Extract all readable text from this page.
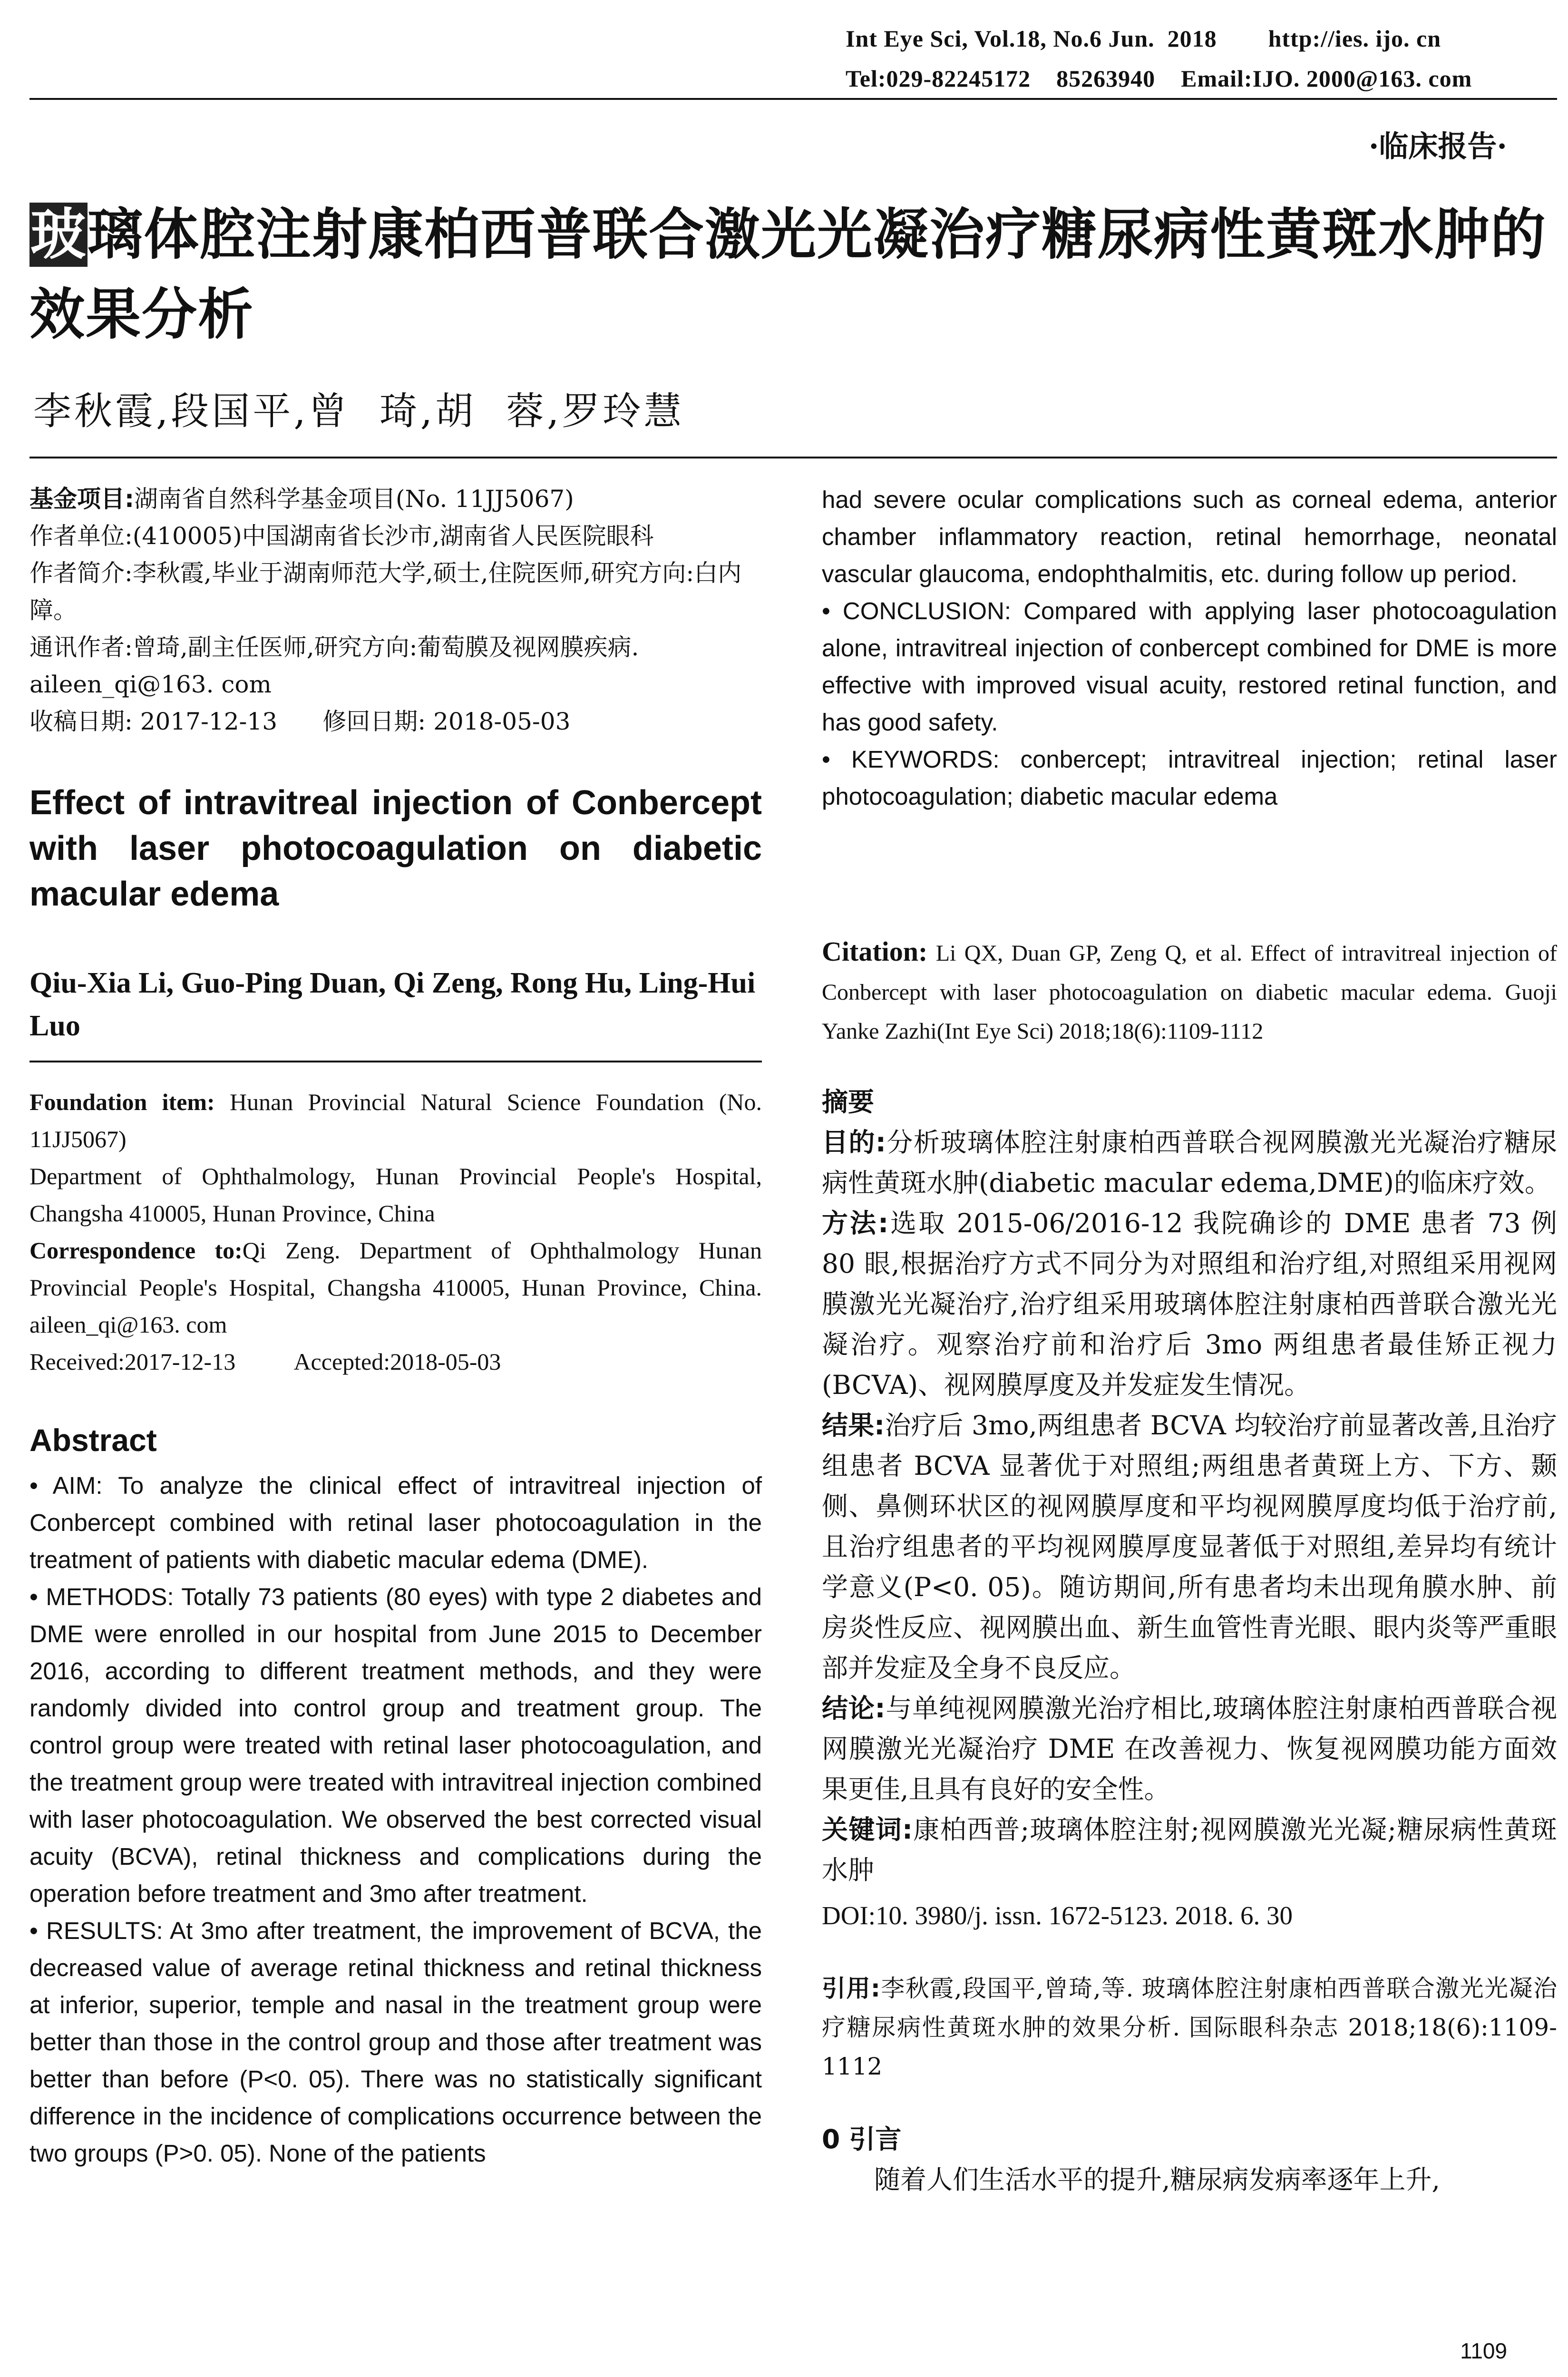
Int Eye Sci, Vol.18, No.6 Jun.  2018        http://ies. ijo. cn
Tel:029-82245172    85263940    Email:IJO. 2000@163. com
·临床报告·
玻璃体腔注射康柏西普联合激光光凝治疗糖尿病性黄斑水肿的效果分析
李秋霞,段国平,曾  琦,胡  蓉,罗玲慧
基金项目:湖南省自然科学基金项目(No. 11JJ5067)
作者单位:(410005)中国湖南省长沙市,湖南省人民医院眼科
作者简介:李秋霞,毕业于湖南师范大学,硕士,住院医师,研究方向:白内障。
通讯作者:曾琦,副主任医师,研究方向:葡萄膜及视网膜疾病. aileen_qi@163. com
收稿日期: 2017-12-13      修回日期: 2018-05-03
Effect of intravitreal injection of Conbercept with laser photocoagulation on diabetic macular edema
Qiu-Xia Li, Guo-Ping Duan, Qi Zeng, Rong Hu, Ling-Hui Luo
Foundation item: Hunan Provincial Natural Science Foundation (No. 11JJ5067)
Department of Ophthalmology, Hunan Provincial People's Hospital, Changsha 410005, Hunan Province, China
Correspondence to:Qi Zeng. Department of Ophthalmology Hunan Provincial People's Hospital, Changsha 410005, Hunan Province, China. aileen_qi@163. com
Received:2017-12-13          Accepted:2018-05-03
Abstract

• AIM: To analyze the clinical effect of intravitreal injection of Conbercept combined with retinal laser photocoagulation in the treatment of patients with diabetic macular edema (DME).

• METHODS: Totally 73 patients (80 eyes) with type 2 diabetes and DME were enrolled in our hospital from June 2015 to December 2016, according to different treatment methods, and they were randomly divided into control group and treatment group. The control group were treated with retinal laser photocoagulation, and the treatment group were treated with intravitreal injection combined with laser photocoagulation. We observed the best corrected visual acuity (BCVA), retinal thickness and complications during the operation before treatment and 3mo after treatment.

• RESULTS: At 3mo after treatment, the improvement of BCVA, the decreased value of average retinal thickness and retinal thickness at inferior, superior, temple and nasal in the treatment group were better than those in the control group and those after treatment was better than before (P<0. 05). There was no statistically significant difference in the incidence of complications occurrence between the two groups (P>0. 05). None of the patients

had severe ocular complications such as corneal edema, anterior chamber inflammatory reaction, retinal hemorrhage, neonatal vascular glaucoma, endophthalmitis, etc. during follow up period.

• CONCLUSION: Compared with applying laser photocoagulation alone, intravitreal injection of conbercept combined for DME is more effective with improved visual acuity, restored retinal function, and has good safety.

• KEYWORDS: conbercept; intravitreal injection; retinal laser photocoagulation; diabetic macular edema

Citation: Li QX, Duan GP, Zeng Q, et al. Effect of intravitreal injection of Conbercept with laser photocoagulation on diabetic macular edema. Guoji Yanke Zazhi(Int Eye Sci) 2018;18(6):1109-1112

摘要

目的:分析玻璃体腔注射康柏西普联合视网膜激光光凝治疗糖尿病性黄斑水肿(diabetic macular edema,DME)的临床疗效。

方法:选取 2015-06/2016-12 我院确诊的 DME 患者 73 例 80 眼,根据治疗方式不同分为对照组和治疗组,对照组采用视网膜激光光凝治疗,治疗组采用玻璃体腔注射康柏西普联合激光光凝治疗。观察治疗前和治疗后 3mo 两组患者最佳矫正视力(BCVA)、视网膜厚度及并发症发生情况。

结果:治疗后 3mo,两组患者 BCVA 均较治疗前显著改善,且治疗组患者 BCVA 显著优于对照组;两组患者黄斑上方、下方、颞侧、鼻侧环状区的视网膜厚度和平均视网膜厚度均低于治疗前,且治疗组患者的平均视网膜厚度显著低于对照组,差异均有统计学意义(P<0. 05)。随访期间,所有患者均未出现角膜水肿、前房炎性反应、视网膜出血、新生血管性青光眼、眼内炎等严重眼部并发症及全身不良反应。

结论:与单纯视网膜激光治疗相比,玻璃体腔注射康柏西普联合视网膜激光光凝治疗 DME 在改善视力、恢复视网膜功能方面效果更佳,且具有良好的安全性。

关键词:康柏西普;玻璃体腔注射;视网膜激光光凝;糖尿病性黄斑水肿

DOI:10. 3980/j. issn. 1672-5123. 2018. 6. 30

引用:李秋霞,段国平,曾琦,等. 玻璃体腔注射康柏西普联合激光光凝治疗糖尿病性黄斑水肿的效果分析. 国际眼科杂志 2018;18(6):1109-1112

0 引言

随着人们生活水平的提升,糖尿病发病率逐年上升,

1109
